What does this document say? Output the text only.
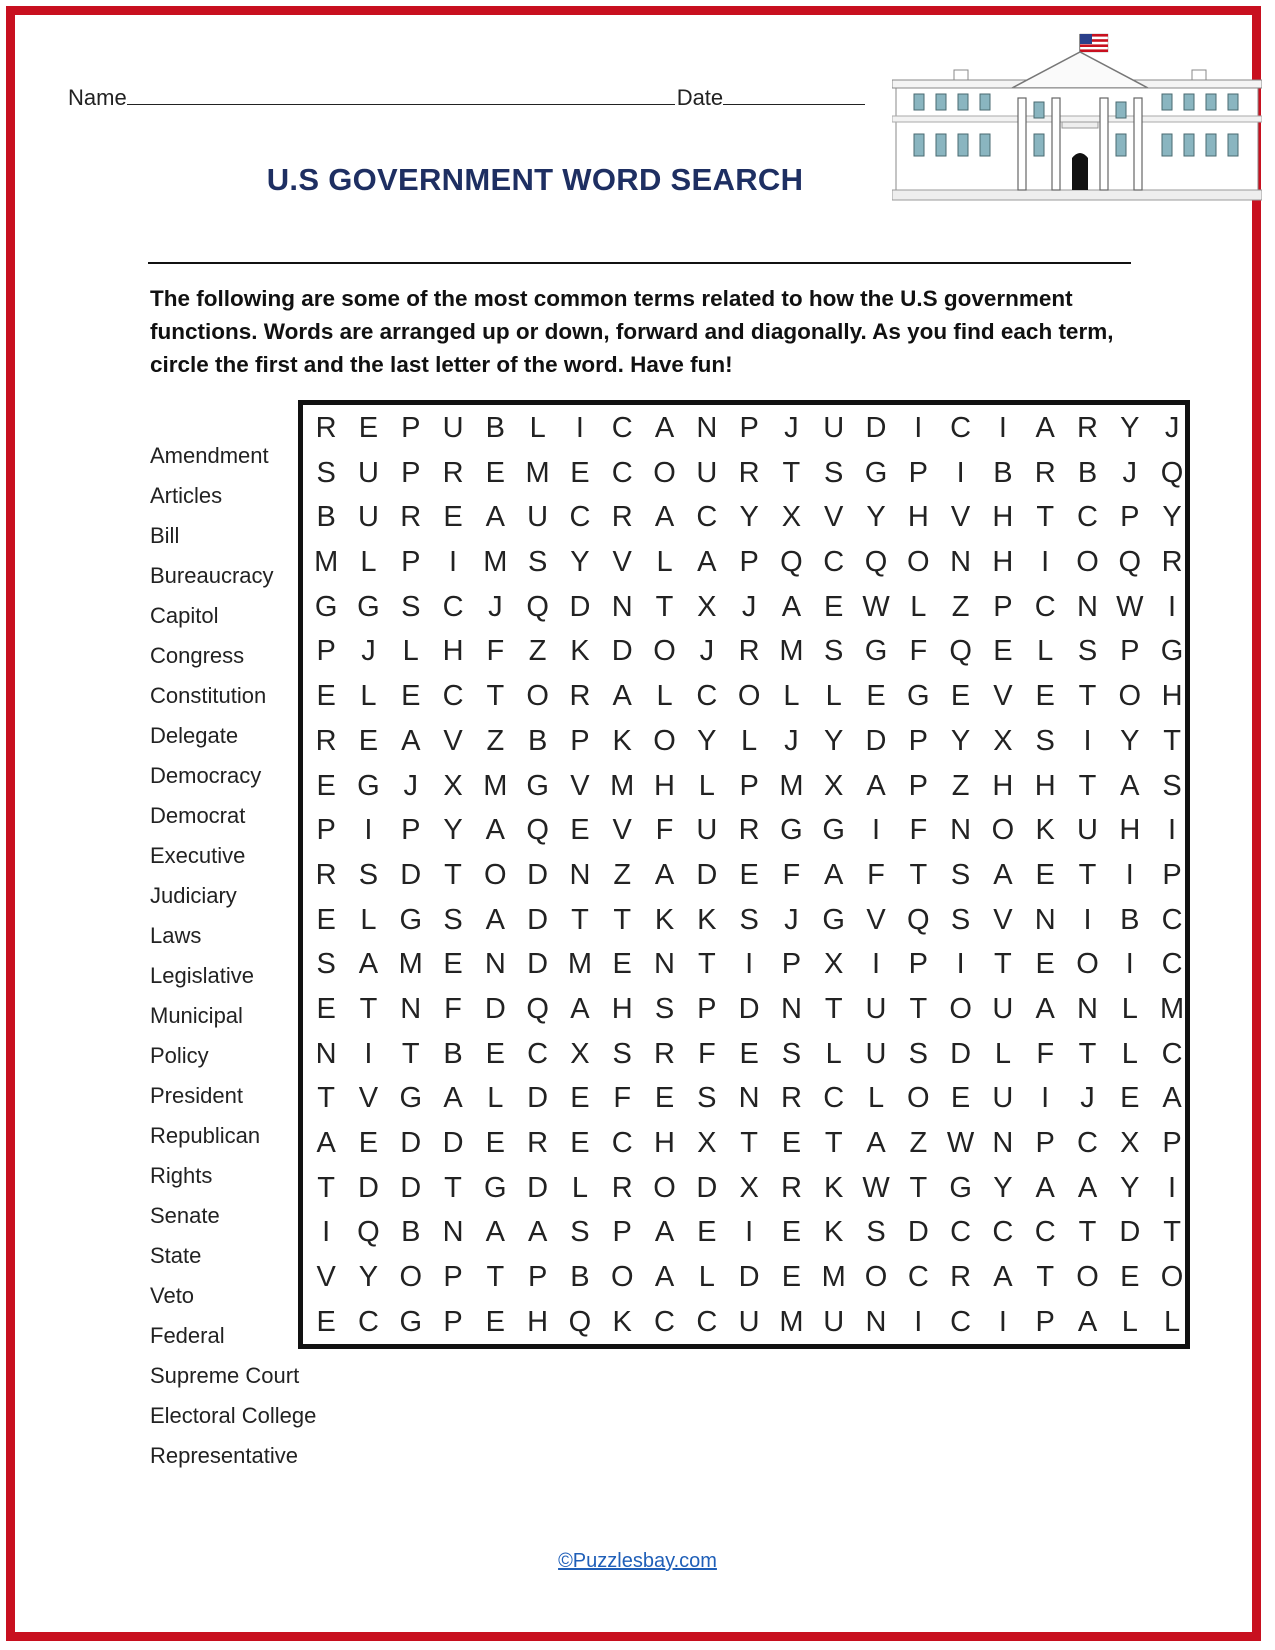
Name	Date
U.S GOVERNMENT WORD SEARCH
The following are some of the most common terms related to how the U.S government functions. Words are arranged up or down, forward and diagonally. As you find each term, circle the first and the last letter of the word. Have fun!
Amendment
Articles
Bill
Bureaucracy
Capitol
Congress
Constitution
Delegate
Democracy
Democrat
Executive
Judiciary
Laws
Legislative
Municipal
Policy
President
Republican
Rights
Senate
State
Veto
Federal
Supreme Court
Electoral College
Representative
R E P U B L	I C A N P J U D I C I A R Y J
S U P R E M E C O U R T S G P I B R B J Q
B U R E A U C R A C Y X V Y H V H T C P Y
M L P I M S Y V L A P Q C Q O N H I O Q R
G G S C J Q D N T X J A E W L Z P C N W I
P J L H F Z K D O J R M S G F Q E L S P G
E L E C T O R A L C O L L E G E V E T O H
R E A V Z B P K O Y L J Y D P Y X S I Y T
E G J X M G V M H L P M X A P Z H H T A S
P I P Y A Q E V F U R G G I	F N O K U H I
R S D T O D N Z A D E F A F T S A E T	I P
E L G S A D T T K K S J G V Q S V N I B C
S A M E N D M E N T	I P X I P I	T E O I C
E T N F D Q A H S P D N T U T O U A N L M
N I	T B E C X S R F E S L U S D L F T L C
T V G A L D E F E S N R C L O E U I	J E A
A E D D E R E C H X T E T A Z W N P C X P
T D D T G D L R O D X R K W T G Y A A Y I
I Q B N A A S P A E I E K S D C C C T D T
V Y O P T P B O A L D E M O C R A T O E O
E C G P E H Q K C C U M U N I C I P A L L
©Puzzlesbay.com
